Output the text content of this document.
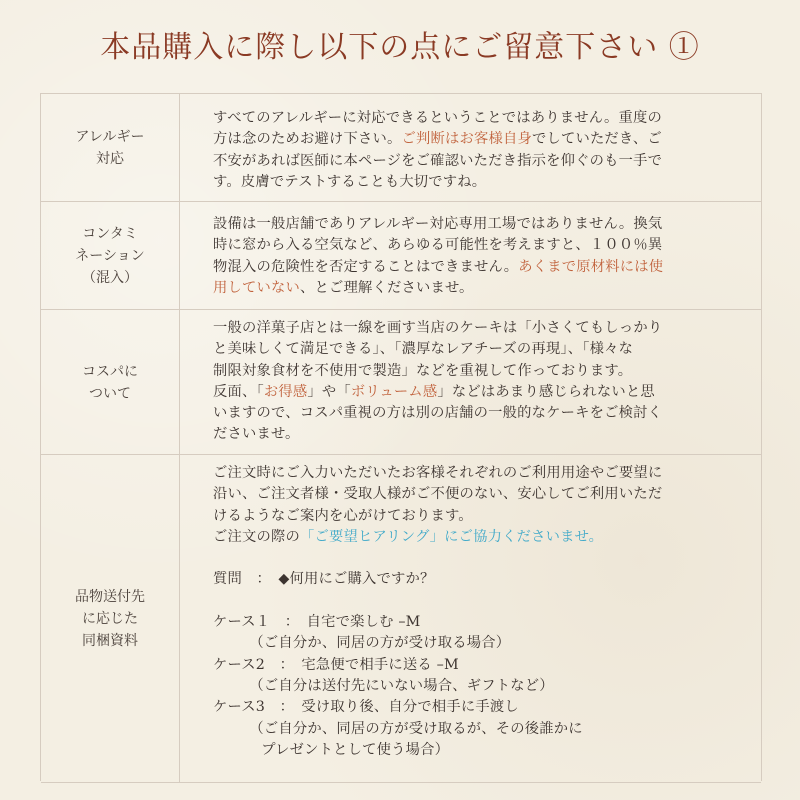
本品購入に際し以下の点にご留意下さい ①
アレルギー
対応
すべてのアレルギーに対応できるということではありません。重度の
方は念のためお避け下さい。ご判断はお客様自身でしていただき、ご
不安があれば医師に本ページをご確認いただき指示を仰ぐのも一手で
す。皮膚でテストすることも大切ですね。
コンタミ
ネーション
（混入）
設備は一般店舗でありアレルギー対応専用工場ではありません。換気
時に窓から入る空気など、あらゆる可能性を考えますと、１００％異
物混入の危険性を否定することはできません。あくまで原材料には使
用していない、とご理解くださいませ。
コスパに
ついて
一般の洋菓子店とは一線を画す当店のケーキは「小さくてもしっかり
と美味しくて満足できる」、「濃厚なレアチーズの再現」、「様々な
制限対象食材を不使用で製造」などを重視して作っております。
反面、「お得感」や「ボリューム感」などはあまり感じられないと思
いますので、コスパ重視の方は別の店舗の一般的なケーキをご検討く
ださいませ。
品物送付先
に応じた
同梱資料
ご注文時にご入力いただいたお客様それぞれのご利用用途やご要望に
沿い、ご注文者様・受取人様がご不便のない、安心してご利用いただ
けるようなご案内を心がけております。
ご注文の際の「ご要望ヒアリング」にご協力くださいませ。
質問　：　◆何用にご購入ですか？
ケース１　：　自宅で楽しむ –M
　　　（ご自分か、同居の方が受け取る場合）
ケース2　：　宅急便で相手に送る –M
　　　（ご自分は送付先にいない場合、ギフトなど）
ケース3　：　受け取り後、自分で相手に手渡し
　　　（ご自分か、同居の方が受け取るが、その後誰かに
　　　 プレゼントとして使う場合）
